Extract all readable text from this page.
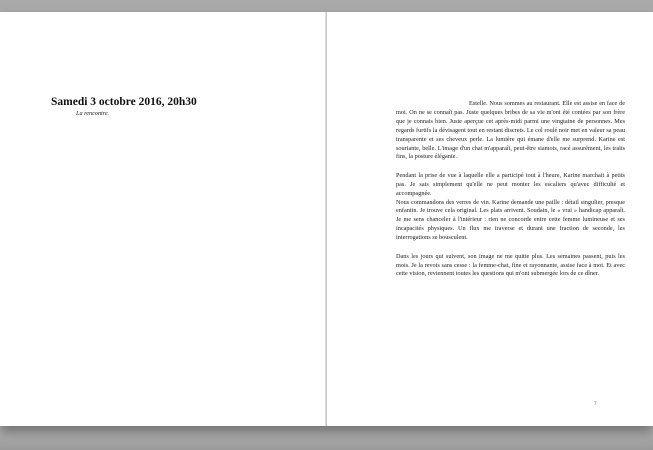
Samedi 3 octobre 2016, 20h30
La rencontre.

Estelle. Nous sommes au restaurant. Elle est assise en face de moi. On ne se connaît pas. Juste quelques bribes de sa vie m'ont été contées par son frère que je connais bien. Juste aperçue cet après-midi parmi une vingtaine de personnes. Mes regards furtifs la dévisagent tout en restant discrets. Le col roulé noir met en valeur sa peau transparente et ses cheveux perle. La lumière qui émane d'elle me surprend. Karine est souriante, belle. L'image d'un chat m'apparaît, peut-être siamois, racé assurément, les traits fins, la posture élégante.

Pendant la prise de vue à laquelle elle a participé tout à l'heure, Karine marchait à petits pas. Je sais simplement qu'elle ne peut monter les escaliers qu'avec difficulté et accompagnée.

Nous commandons des verres de vin. Karine demande une paille : détail singulier, presque enfantin. Je trouve cela original. Les plats arrivent. Soudain, le « vrai » handicap apparaît. Je me sens chanceler à l'intérieur : rien ne concorde entre cette femme lumineuse et ses incapacités physiques. Un flux me traverse et durant une fraction de seconde, les interrogations se bousculent.

Dans les jours qui suivent, son image ne me quitte plus. Les semaines passent, puis les mois. Je la revois sans cesse : la femme-chat, fine et rayonnante, assise face à moi. Et avec cette vision, reviennent toutes les questions qui m'ont submergée lors de ce dîner.

7
